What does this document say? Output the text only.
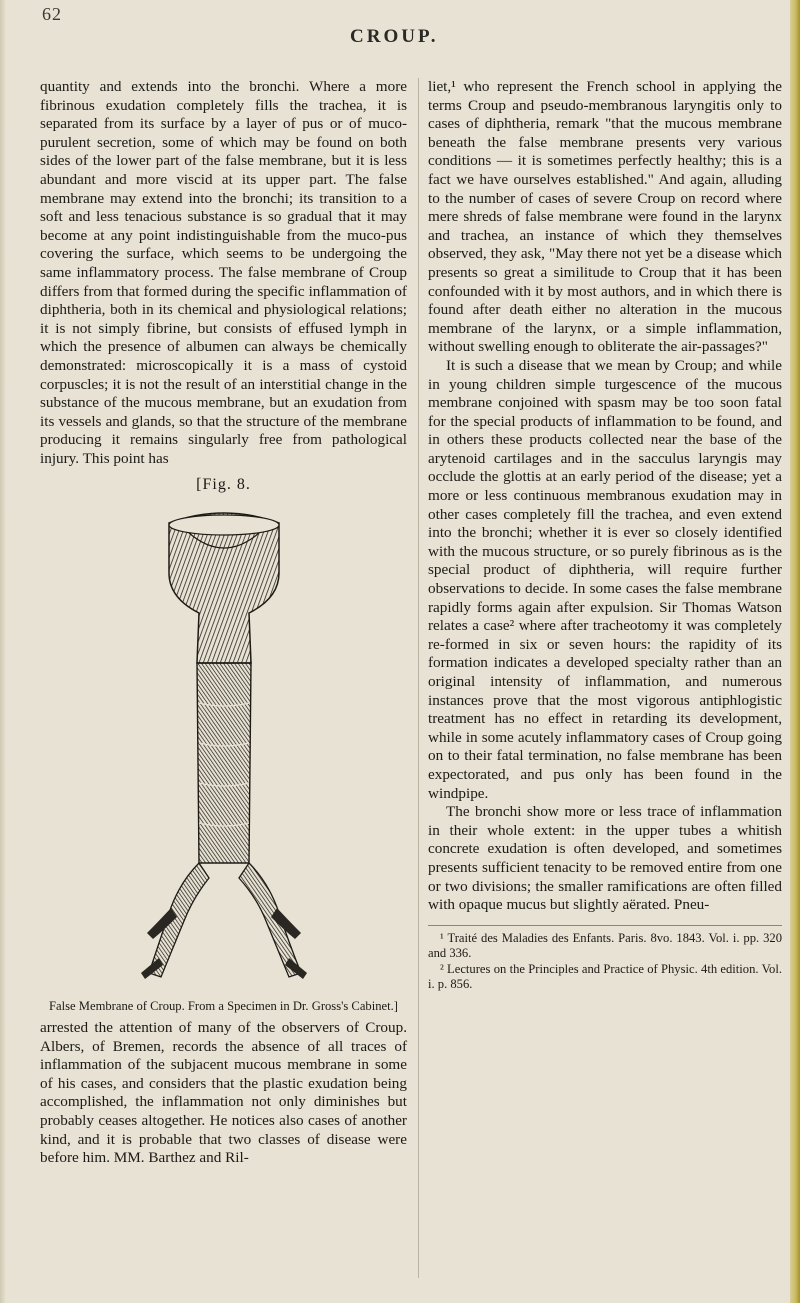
62
CROUP.

quantity and extends into the bronchi. Where a more fibrinous exudation completely fills the trachea, it is separated from its surface by a layer of pus or of muco-purulent secretion, some of which may be found on both sides of the lower part of the false membrane, but it is less abundant and more viscid at its upper part. The false membrane may extend into the bronchi; its transition to a soft and less tenacious substance is so gradual that it may become at any point indistinguishable from the muco-pus covering the surface, which seems to be undergoing the same inflammatory process. The false membrane of Croup differs from that formed during the specific inflammation of diphtheria, both in its chemical and physiological relations; it is not simply fibrine, but consists of effused lymph in which the presence of albumen can always be chemically demonstrated: microscopically it is a mass of cystoid corpuscles; it is not the result of an interstitial change in the substance of the mucous membrane, but an exudation from its vessels and glands, so that the structure of the membrane producing it remains singularly free from pathological injury. This point has

[Fig. 8.
False Membrane of Croup. From a Specimen in Dr. Gross's Cabinet.]

arrested the attention of many of the observers of Croup. Albers, of Bremen, records the absence of all traces of inflammation of the subjacent mucous membrane in some of his cases, and considers that the plastic exudation being accomplished, the inflammation not only diminishes but probably ceases altogether. He notices also cases of another kind, and it is probable that two classes of disease were before him. MM. Barthez and Ril-

liet,¹ who represent the French school in applying the terms Croup and pseudo-membranous laryngitis only to cases of diphtheria, remark "that the mucous membrane beneath the false membrane presents very various conditions — it is sometimes perfectly healthy; this is a fact we have ourselves established." And again, alluding to the number of cases of severe Croup on record where mere shreds of false membrane were found in the larynx and trachea, an instance of which they themselves observed, they ask, "May there not yet be a disease which presents so great a similitude to Croup that it has been confounded with it by most authors, and in which there is found after death either no alteration in the mucous membrane of the larynx, or a simple inflammation, without swelling enough to obliterate the air-passages?"

It is such a disease that we mean by Croup; and while in young children simple turgescence of the mucous membrane conjoined with spasm may be too soon fatal for the special products of inflammation to be found, and in others these products collected near the base of the arytenoid cartilages and in the sacculus laryngis may occlude the glottis at an early period of the disease; yet a more or less continuous membranous exudation may in other cases completely fill the trachea, and even extend into the bronchi; whether it is ever so closely identified with the mucous structure, or so purely fibrinous as is the special product of diphtheria, will require further observations to decide. In some cases the false membrane rapidly forms again after expulsion. Sir Thomas Watson relates a case² where after tracheotomy it was completely re-formed in six or seven hours: the rapidity of its formation indicates a developed specialty rather than an original intensity of inflammation, and numerous instances prove that the most vigorous antiphlogistic treatment has no effect in retarding its development, while in some acutely inflammatory cases of Croup going on to their fatal termination, no false membrane has been expectorated, and pus only has been found in the windpipe.

The bronchi show more or less trace of inflammation in their whole extent: in the upper tubes a whitish concrete exudation is often developed, and sometimes presents sufficient tenacity to be removed entire from one or two divisions; the smaller ramifications are often filled with opaque mucus but slightly aërated. Pneu-

¹ Traité des Maladies des Enfants. Paris. 8vo. 1843. Vol. i. pp. 320 and 336.

² Lectures on the Principles and Practice of Physic. 4th edition. Vol. i. p. 856.
